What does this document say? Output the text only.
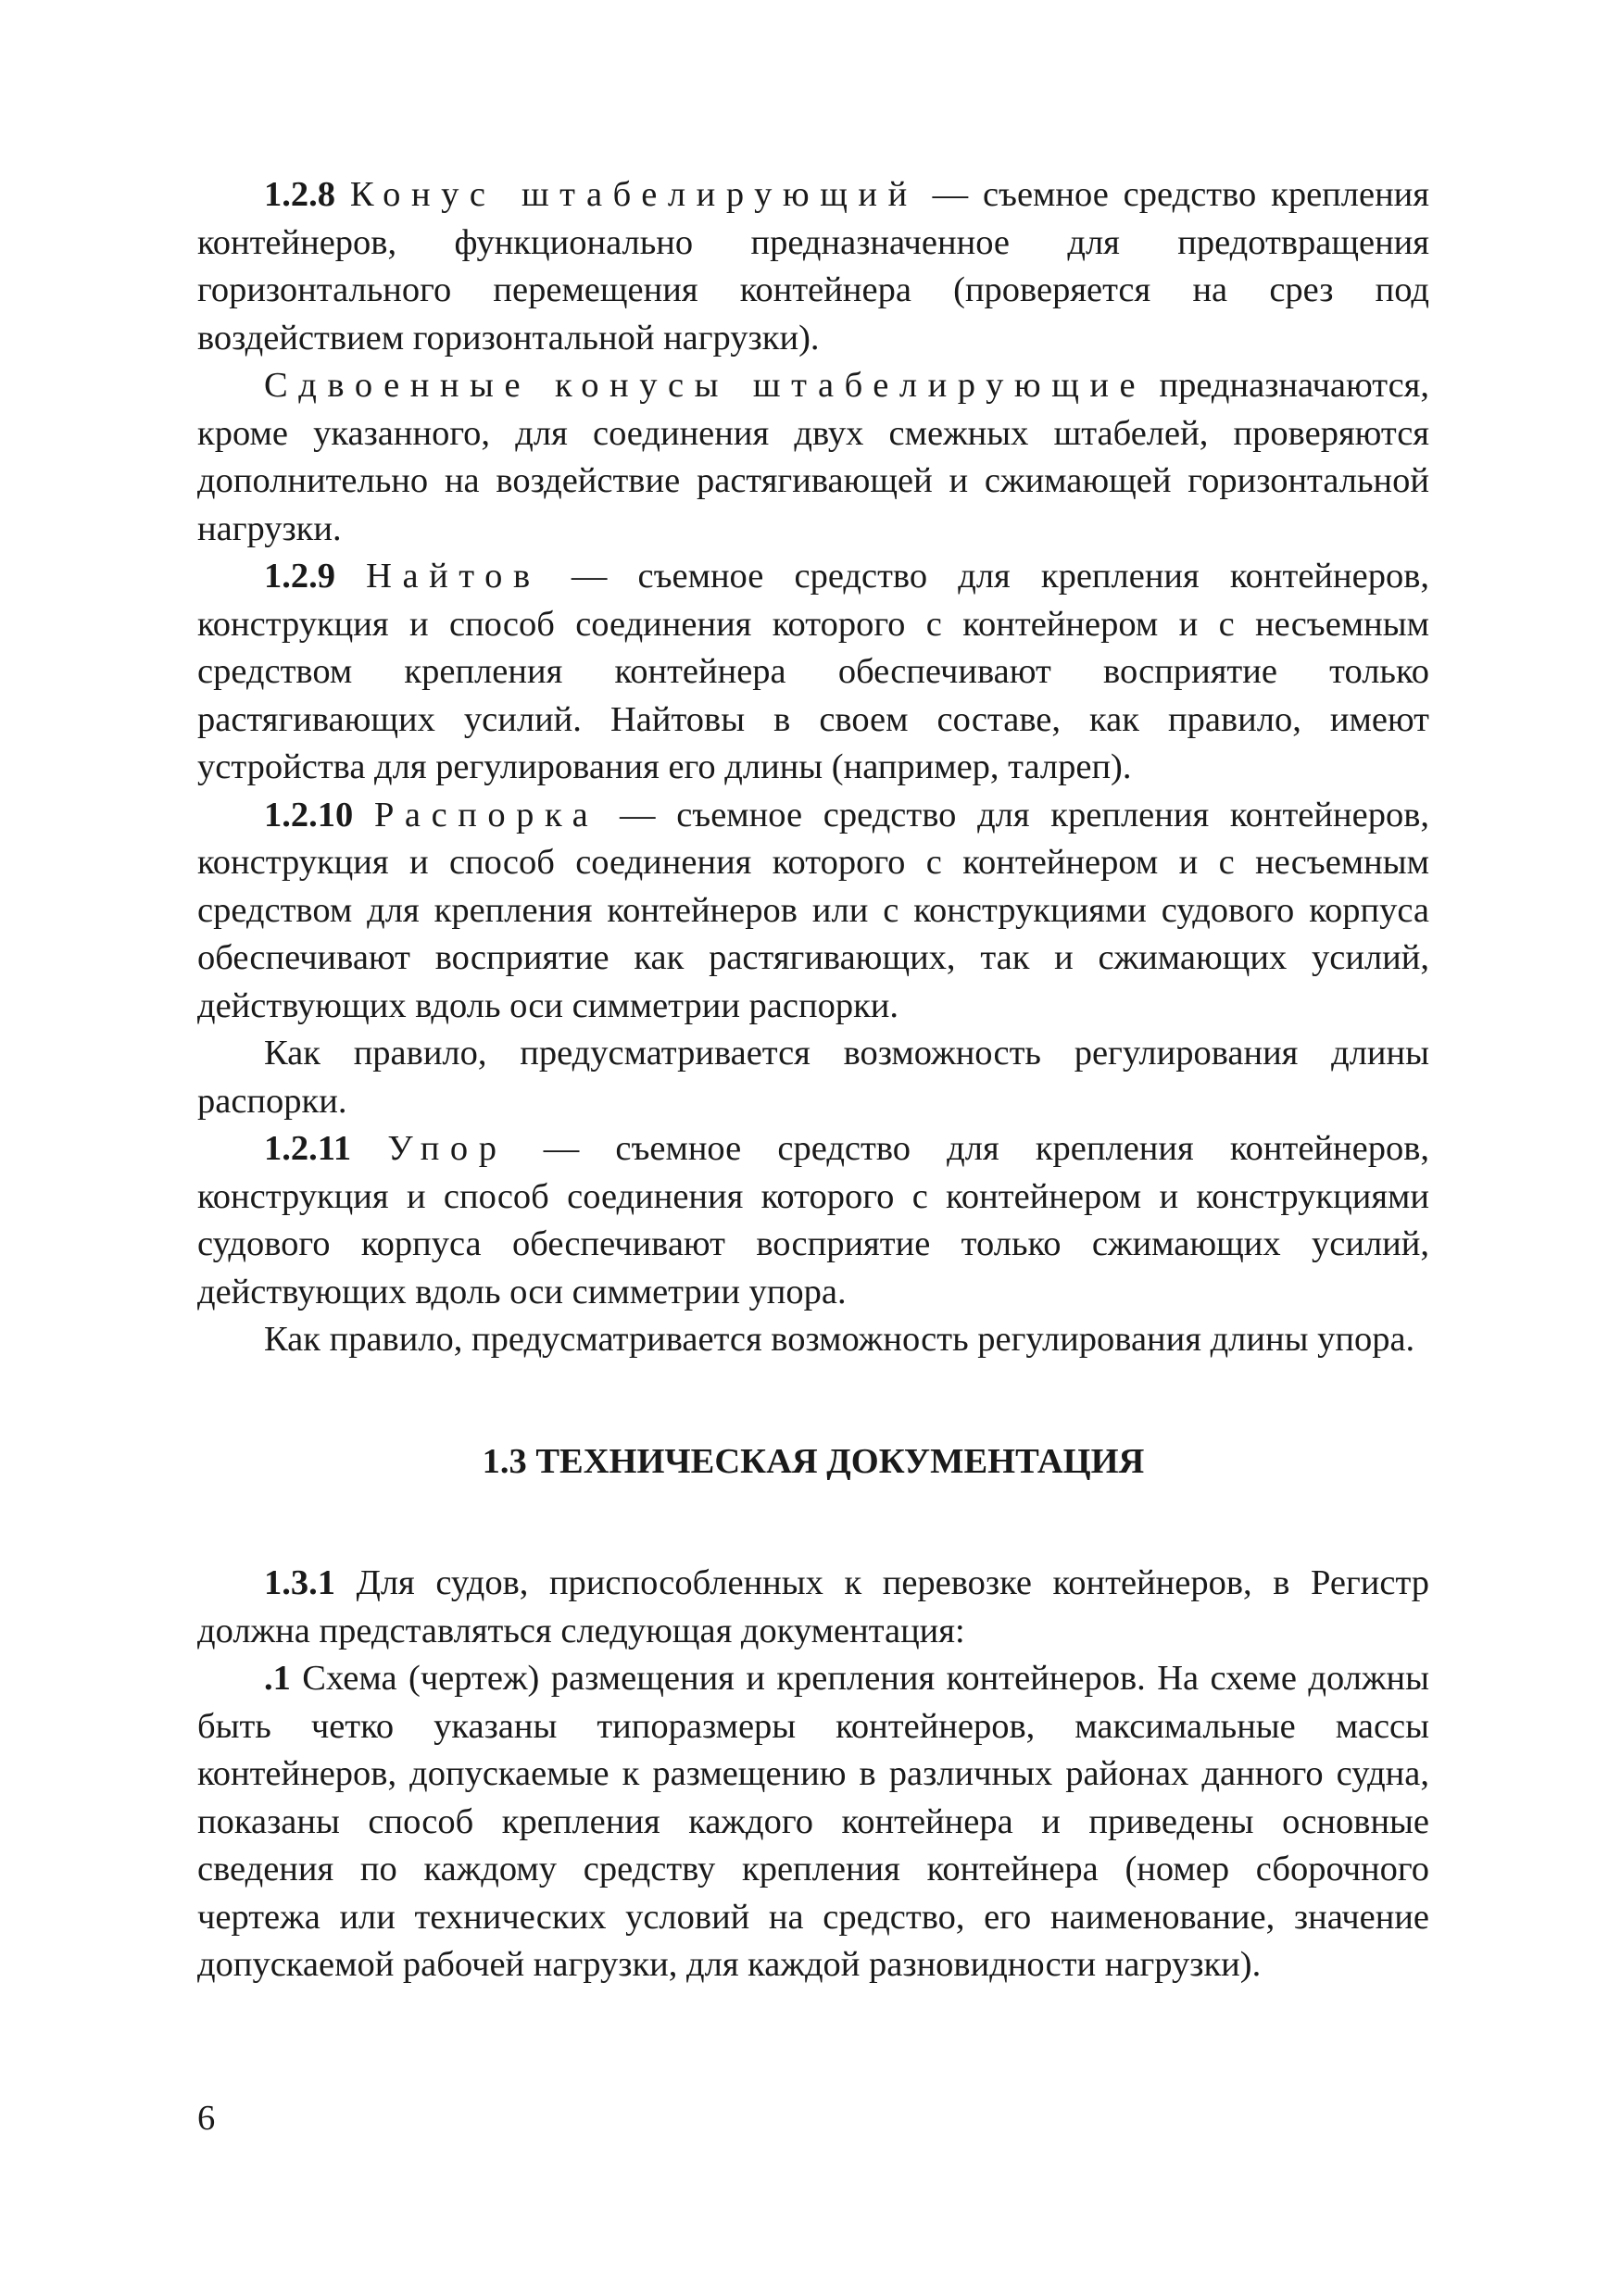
1.2.8 Конус штабелирующий — съемное средство крепления контейнеров, функционально предназначенное для предотвращения горизонтального перемещения контейнера (проверяется на срез под воздействием горизонтальной нагрузки).

Сдвоенные конусы штабелирующие предназначаются, кроме указанного, для соединения двух смежных штабелей, проверяются дополнительно на воздействие растягивающей и сжимающей горизонтальной нагрузки.

1.2.9 Найтов — съемное средство для крепления контейнеров, конструкция и способ соединения которого с контейнером и с несъемным средством крепления контейнера обеспечивают восприятие только растягивающих усилий. Найтовы в своем составе, как правило, имеют устройства для регулирования его длины (например, талреп).

1.2.10 Распорка — съемное средство для крепления контейнеров, конструкция и способ соединения которого с контейнером и с несъемным средством для крепления контейнеров или с конструкциями судового корпуса обеспечивают восприятие как растягивающих, так и сжимающих усилий, действующих вдоль оси симметрии распорки.

Как правило, предусматривается возможность регулирования длины распорки.

1.2.11 Упор — съемное средство для крепления контейнеров, конструкция и способ соединения которого с контейнером и конструкциями судового корпуса обеспечивают восприятие только сжимающих усилий, действующих вдоль оси симметрии упора.

Как правило, предусматривается возможность регулирования длины упора.

1.3 ТЕХНИЧЕСКАЯ ДОКУМЕНТАЦИЯ

1.3.1 Для судов, приспособленных к перевозке контейнеров, в Регистр должна представляться следующая документация:

.1 Схема (чертеж) размещения и крепления контейнеров. На схеме должны быть четко указаны типоразмеры контейнеров, максимальные массы контейнеров, допускаемые к размещению в различных районах данного судна, показаны способ крепления каждого контейнера и приведены основные сведения по каждому средству крепления контейнера (номер сборочного чертежа или технических условий на средство, его наименование, значение допускаемой рабочей нагрузки, для каждой разновидности нагрузки).

6
